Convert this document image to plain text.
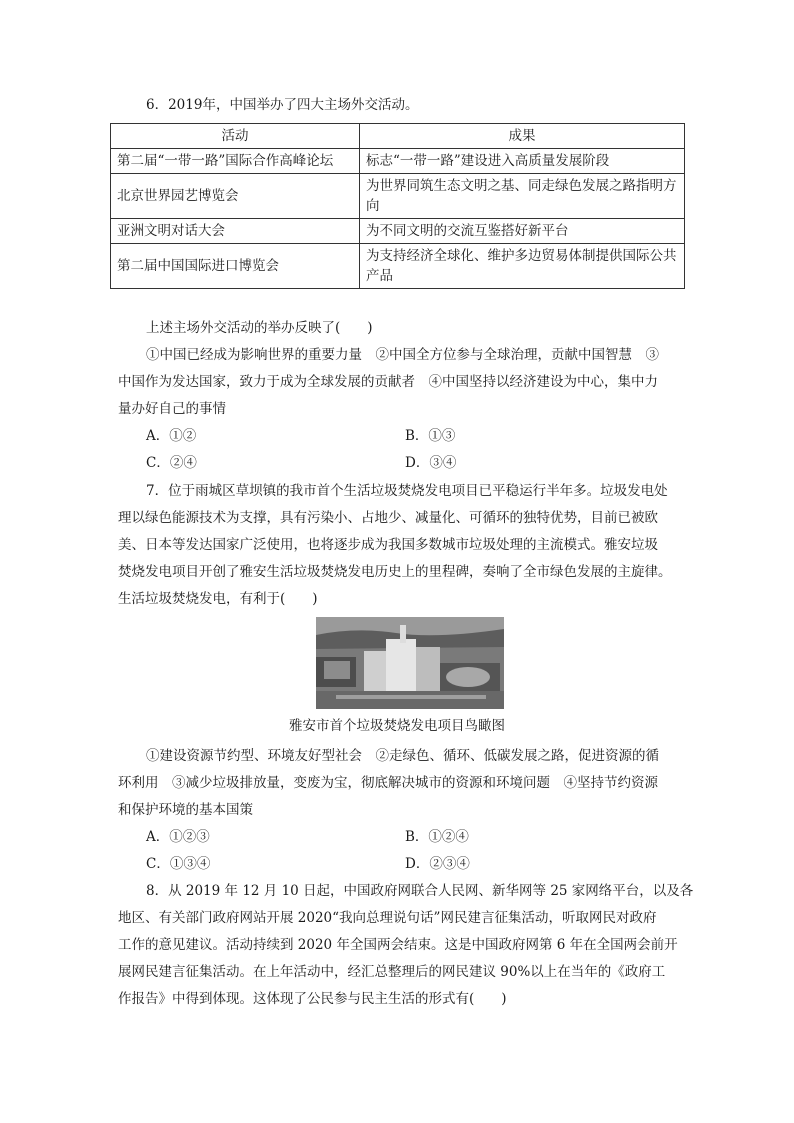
6．2019年，中国举办了四大主场外交活动。
活动	成果
第二届“一带一路”国际合作高峰论坛	标志“一带一路”建设进入高质量发展阶段
北京世界园艺博览会	为世界同筑生态文明之基、同走绿色发展之路指明方向
亚洲文明对话大会	为不同文明的交流互鉴搭好新平台
第二届中国国际进口博览会	为支持经济全球化、维护多边贸易体制提供国际公共产品
上述主场外交活动的举办反映了(　　)
①中国已经成为影响世界的重要力量　②中国全方位参与全球治理，贡献中国智慧　③
中国作为发达国家，致力于成为全球发展的贡献者　④中国坚持以经济建设为中心，集中力
量办好自己的事情
A．①②	B．①③
C．②④	D．③④
7．位于雨城区草坝镇的我市首个生活垃圾焚烧发电项目已平稳运行半年多。垃圾发电处
理以绿色能源技术为支撑，具有污染小、占地少、减量化、可循环的独特优势，目前已被欧
美、日本等发达国家广泛使用，也将逐步成为我国多数城市垃圾处理的主流模式。雅安垃圾
焚烧发电项目开创了雅安生活垃圾焚烧发电历史上的里程碑，奏响了全市绿色发展的主旋律。
生活垃圾焚烧发电，有利于(　　)
雅安市首个垃圾焚烧发电项目鸟瞰图
①建设资源节约型、环境友好型社会　②走绿色、循环、低碳发展之路，促进资源的循
环利用　③减少垃圾排放量，变废为宝，彻底解决城市的资源和环境问题　④坚持节约资源
和保护环境的基本国策
A．①②③	B．①②④
C．①③④	D．②③④
8．从 2019 年 12 月 10 日起，中国政府网联合人民网、新华网等 25 家网络平台，以及各
地区、有关部门政府网站开展 2020“我向总理说句话”网民建言征集活动，听取网民对政府
工作的意见建议。活动持续到 2020 年全国两会结束。这是中国政府网第 6 年在全国两会前开
展网民建言征集活动。在上年活动中，经汇总整理后的网民建议 90%以上在当年的《政府工
作报告》中得到体现。这体现了公民参与民主生活的形式有(　　)
